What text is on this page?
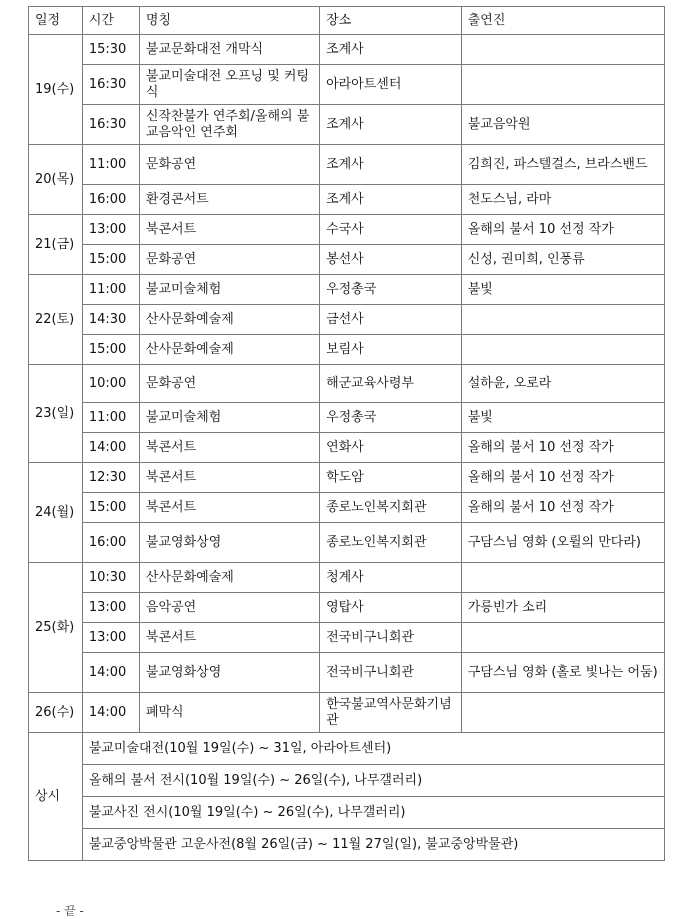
일정	시간	명칭	장소	출연진
19(수)	15:30	불교문화대전 개막식	조계사	
	16:30	불교미술대전 오프닝 및 커팅식	아라아트센터	
	16:30	신작찬불가 연주회/올해의 불교음악인 연주회	조계사	불교음악원
20(목)	11:00	문화공연	조계사	김희진, 파스텔걸스, 브라스밴드
	16:00	환경콘서트	조계사	천도스님, 라마
21(금)	13:00	북콘서트	수국사	올해의 불서 10 선정 작가
	15:00	문화공연	봉선사	신성, 권미희, 인풍류
22(토)	11:00	불교미술체험	우정총국	불빛
	14:30	산사문화예술제	금선사	
	15:00	산사문화예술제	보림사	
23(일)	10:00	문화공연	해군교육사령부	설하윤, 오로라
	11:00	불교미술체험	우정총국	불빛
	14:00	북콘서트	연화사	올해의 불서 10 선정 작가
24(월)	12:30	북콘서트	학도암	올해의 불서 10 선정 작가
	15:00	북콘서트	종로노인복지회관	올해의 불서 10 선정 작가
	16:00	불교영화상영	종로노인복지회관	구담스님 영화 (오륄의 만다라)
25(화)	10:30	산사문화예술제	청계사	
	13:00	음악공연	영탑사	가릉빈가 소리
	13:00	북콘서트	전국비구니회관	
	14:00	불교영화상영	전국비구니회관	구담스님 영화 (홀로 빛나는 어둠)
26(수)	14:00	폐막식	한국불교역사문화기념관	
상시	불교미술대전(10월 19일(수) ~ 31일, 아라아트센터)			
	올해의 불서 전시(10월 19일(수) ~ 26일(수), 나무갤러리)			
	불교사진 전시(10월 19일(수) ~ 26일(수), 나무갤러리)			
	불교중앙박물관 고운사전(8월 26일(금) ~ 11월 27일(일), 불교중앙박물관)			
- 끝 -
